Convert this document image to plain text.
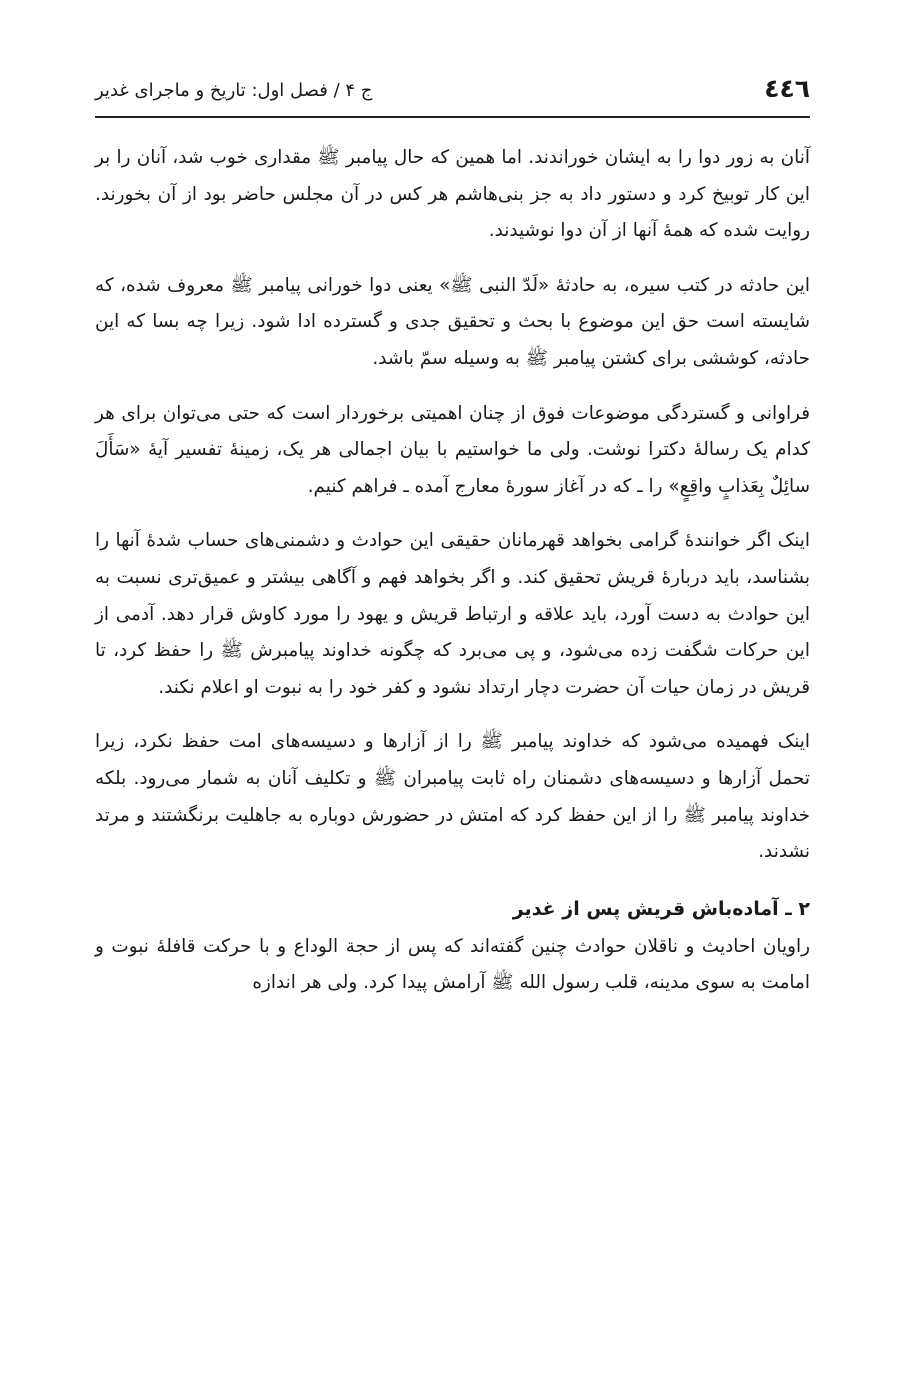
٤٤٦
ج ۴ / فصل اول: تاریخ و ماجرای غدیر

آنان به زور دوا را به ایشان خوراندند. اما همین که حال پیامبر ﷺ مقداری خوب شد، آنان را بر این کار توبیخ کرد و دستور داد به جز بنی‌هاشم هر کس در آن مجلس حاضر بود از آن بخورند. روایت شده که همهٔ آنها از آن دوا نوشیدند.

این حادثه در کتب سیره، به حادثهٔ «لَدّ النبی ﷺ» یعنی دوا خورانی پیامبر ﷺ معروف شده، که شایسته است حق این موضوع با بحث و تحقیق جدی و گسترده ادا شود. زیرا چه بسا که این حادثه، کوششی برای کشتن پیامبر ﷺ به وسیله سمّ باشد.

فراوانی و گستردگی موضوعات فوق از چنان اهمیتی برخوردار است که حتی می‌توان برای هر کدام یک رسالهٔ دکترا نوشت. ولی ما خواستیم با بیان اجمالی هر یک، زمینهٔ تفسیر آیهٔ «سَأَلَ سائِلٌ بِعَذابٍ واقِعٍ» را ـ که در آغاز سورهٔ معارج آمده ـ فراهم کنیم.

اینک اگر خوانندهٔ گرامی بخواهد قهرمانان حقیقی این حوادث و دشمنی‌های حساب شدهٔ آنها را بشناسد، باید دربارهٔ قریش تحقیق کند. و اگر بخواهد فهم و آگاهی بیشتر و عمیق‌تری نسبت به این حوادث به دست آورد، باید علاقه و ارتباط قریش و یهود را مورد کاوش قرار دهد. آدمی از این حرکات شگفت زده می‌شود، و پی می‌برد که چگونه خداوند پیامبرش ﷺ را حفظ کرد، تا قریش در زمان حیات آن حضرت دچار ارتداد نشود و کفر خود را به نبوت او اعلام نکند.

اینک فهمیده می‌شود که خداوند پیامبر ﷺ را از آزارها و دسیسه‌های امت حفظ نکرد، زیرا تحمل آزارها و دسیسه‌های دشمنان راه ثابت پیامبران ﷺ و تکلیف آنان به شمار می‌رود. بلکه خداوند پیامبر ﷺ را از این حفظ کرد که امتش در حضورش دوباره به جاهلیت برنگشتند و مرتد نشدند.

۲ ـ آماده‌باش قریش پس از غدیر

راویان احادیث و ناقلان حوادث چنین گفته‌اند که پس از حجة الوداع و با حرکت قافلهٔ نبوت و امامت به سوی مدینه، قلب رسول الله ﷺ آرامش پیدا کرد. ولی هر اندازه
